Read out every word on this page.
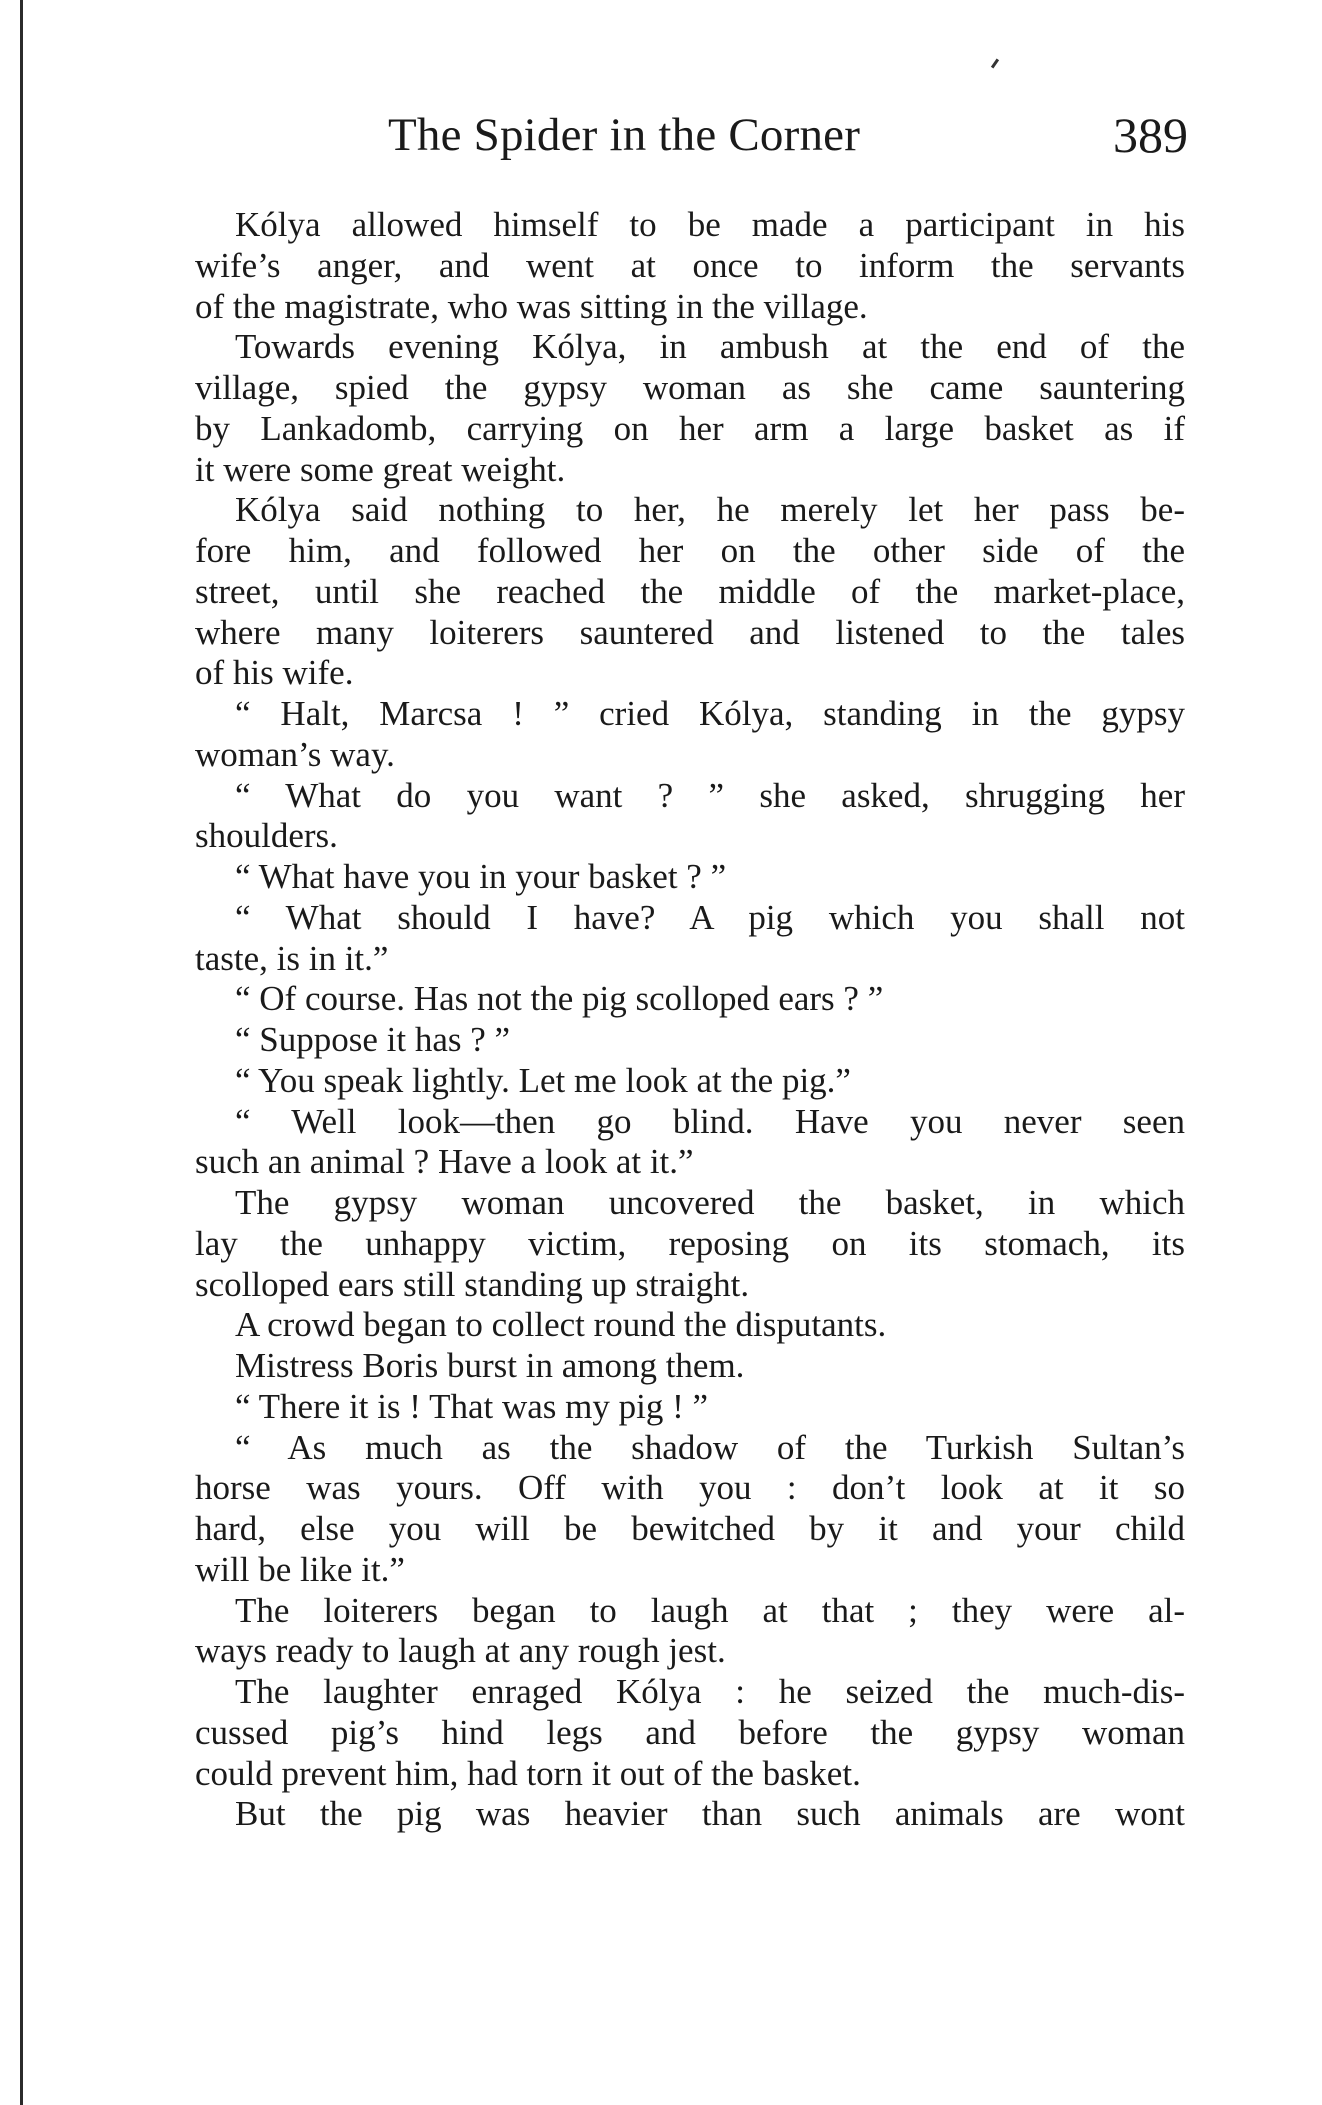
The Spider in the Corner	389
Kólya allowed himself to be made a participant in his
wife’s anger, and went at once to inform the servants
of the magistrate, who was sitting in the village.
Towards evening Kólya, in ambush at the end of the
village, spied the gypsy woman as she came sauntering
by Lankadomb, carrying on her arm a large basket as if
it were some great weight.
Kólya said nothing to her, he merely let her pass be-
fore him, and followed her on the other side of the
street, until she reached the middle of the market-place,
where many loiterers sauntered and listened to the tales
of his wife.
“ Halt, Marcsa ! ” cried Kólya, standing in the gypsy
woman’s way.
“ What do you want ? ” she asked, shrugging her
shoulders.
“ What have you in your basket ? ”
“ What should I have? A pig which you shall not
taste, is in it.”
“ Of course. Has not the pig scolloped ears ? ”
“ Suppose it has ? ”
“ You speak lightly. Let me look at the pig.”
“ Well look—then go blind. Have you never seen
such an animal ? Have a look at it.”
The gypsy woman uncovered the basket, in which
lay the unhappy victim, reposing on its stomach, its
scolloped ears still standing up straight.
A crowd began to collect round the disputants.
Mistress Boris burst in among them.
“ There it is ! That was my pig ! ”
“ As much as the shadow of the Turkish Sultan’s
horse was yours. Off with you : don’t look at it so
hard, else you will be bewitched by it and your child
will be like it.”
The loiterers began to laugh at that ; they were al-
ways ready to laugh at any rough jest.
The laughter enraged Kólya : he seized the much-dis-
cussed pig’s hind legs and before the gypsy woman
could prevent him, had torn it out of the basket.
But the pig was heavier than such animals are wont
